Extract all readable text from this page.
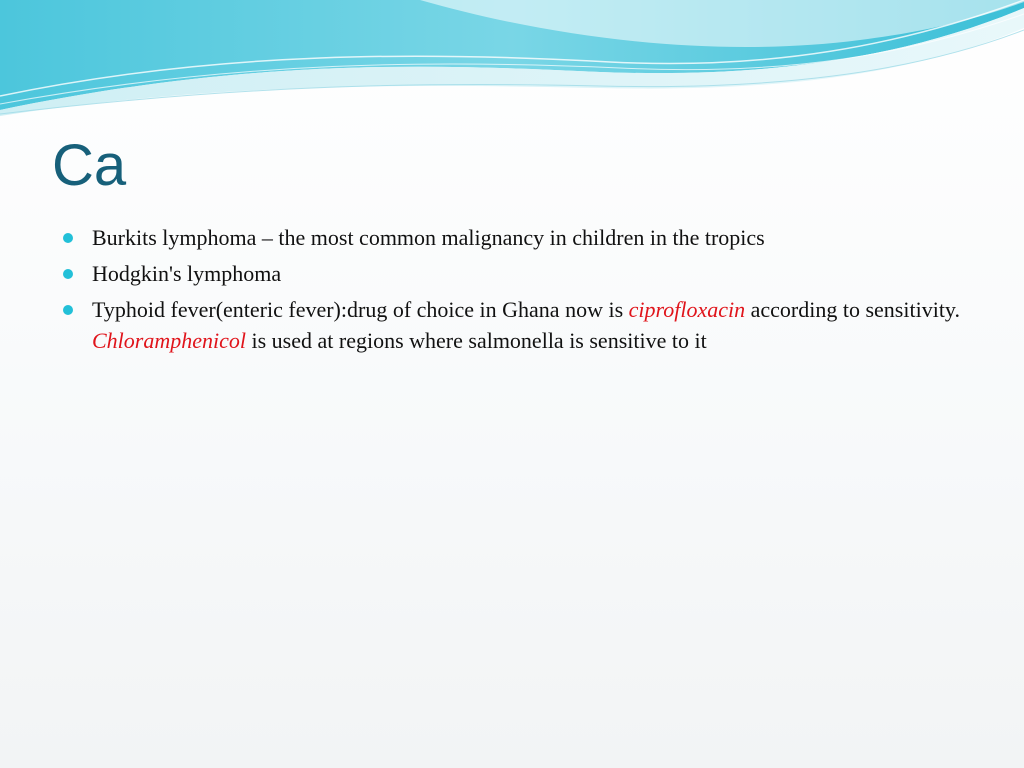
Ca
Burkits lymphoma – the most common malignancy in children in the tropics
Hodgkin's lymphoma
Typhoid fever(enteric fever):drug of choice in Ghana now is ciprofloxacin according to sensitivity. Chloramphenicol is used at regions where salmonella is sensitive to it
